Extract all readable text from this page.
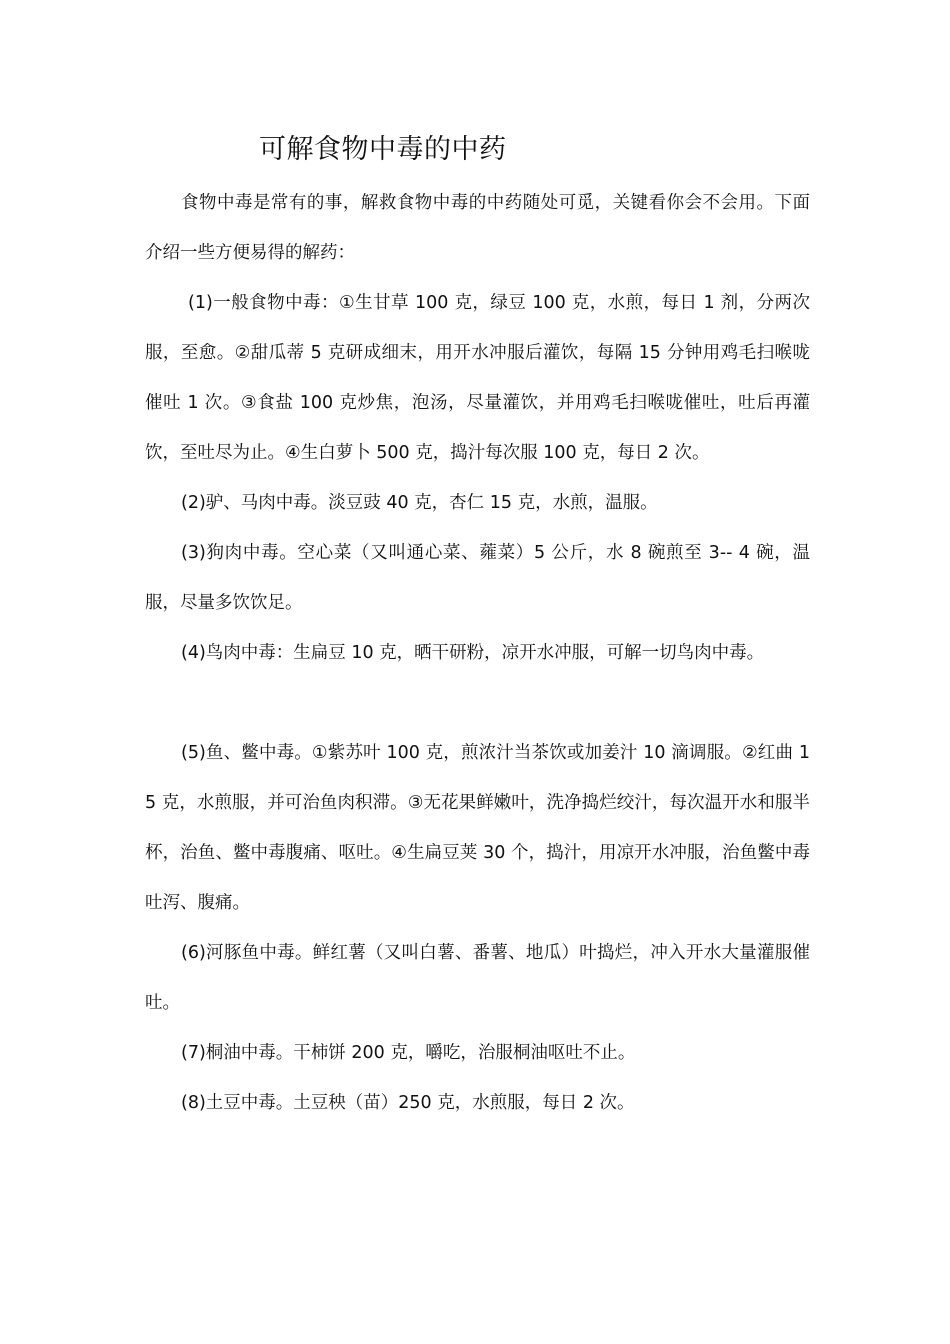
可解食物中毒的中药

食物中毒是常有的事，解救食物中毒的中药随处可觅，关键看你会不会用。下面介绍一些方便易得的解药：

(1)一般食物中毒：①生甘草 100 克，绿豆 100 克，水煎，每日 1 剂，分两次服，至愈。②甜瓜蒂 5 克研成细末，用开水冲服后灌饮，每隔 15 分钟用鸡毛扫喉咙催吐 1 次。③食盐 100 克炒焦，泡汤，尽量灌饮，并用鸡毛扫喉咙催吐，吐后再灌饮，至吐尽为止。④生白萝卜 500 克，捣汁每次服 100 克，每日 2 次。

(2)驴、马肉中毒。淡豆豉 40 克，杏仁 15 克，水煎，温服。

(3)狗肉中毒。空心菜（又叫通心菜、蕹菜）5 公斤，水 8 碗煎至 3-- 4 碗，温服，尽量多饮饮足。

(4)鸟肉中毒：生扁豆 10 克，晒干研粉，凉开水冲服，可解一切鸟肉中毒。

(5)鱼、鳖中毒。①紫苏叶 100 克，煎浓汁当茶饮或加姜汁 10 滴调服。②红曲 15 克，水煎服，并可治鱼肉积滞。③无花果鲜嫩叶，洗净捣烂绞汁，每次温开水和服半杯，治鱼、鳖中毒腹痛、呕吐。④生扁豆荚 30 个，捣汁，用凉开水冲服，治鱼鳖中毒吐泻、腹痛。

(6)河豚鱼中毒。鲜红薯（又叫白薯、番薯、地瓜）叶捣烂，冲入开水大量灌服催吐。

(7)桐油中毒。干柿饼 200 克，嚼吃，治服桐油呕吐不止。

(8)土豆中毒。土豆秧（苗）250 克，水煎服，每日 2 次。
